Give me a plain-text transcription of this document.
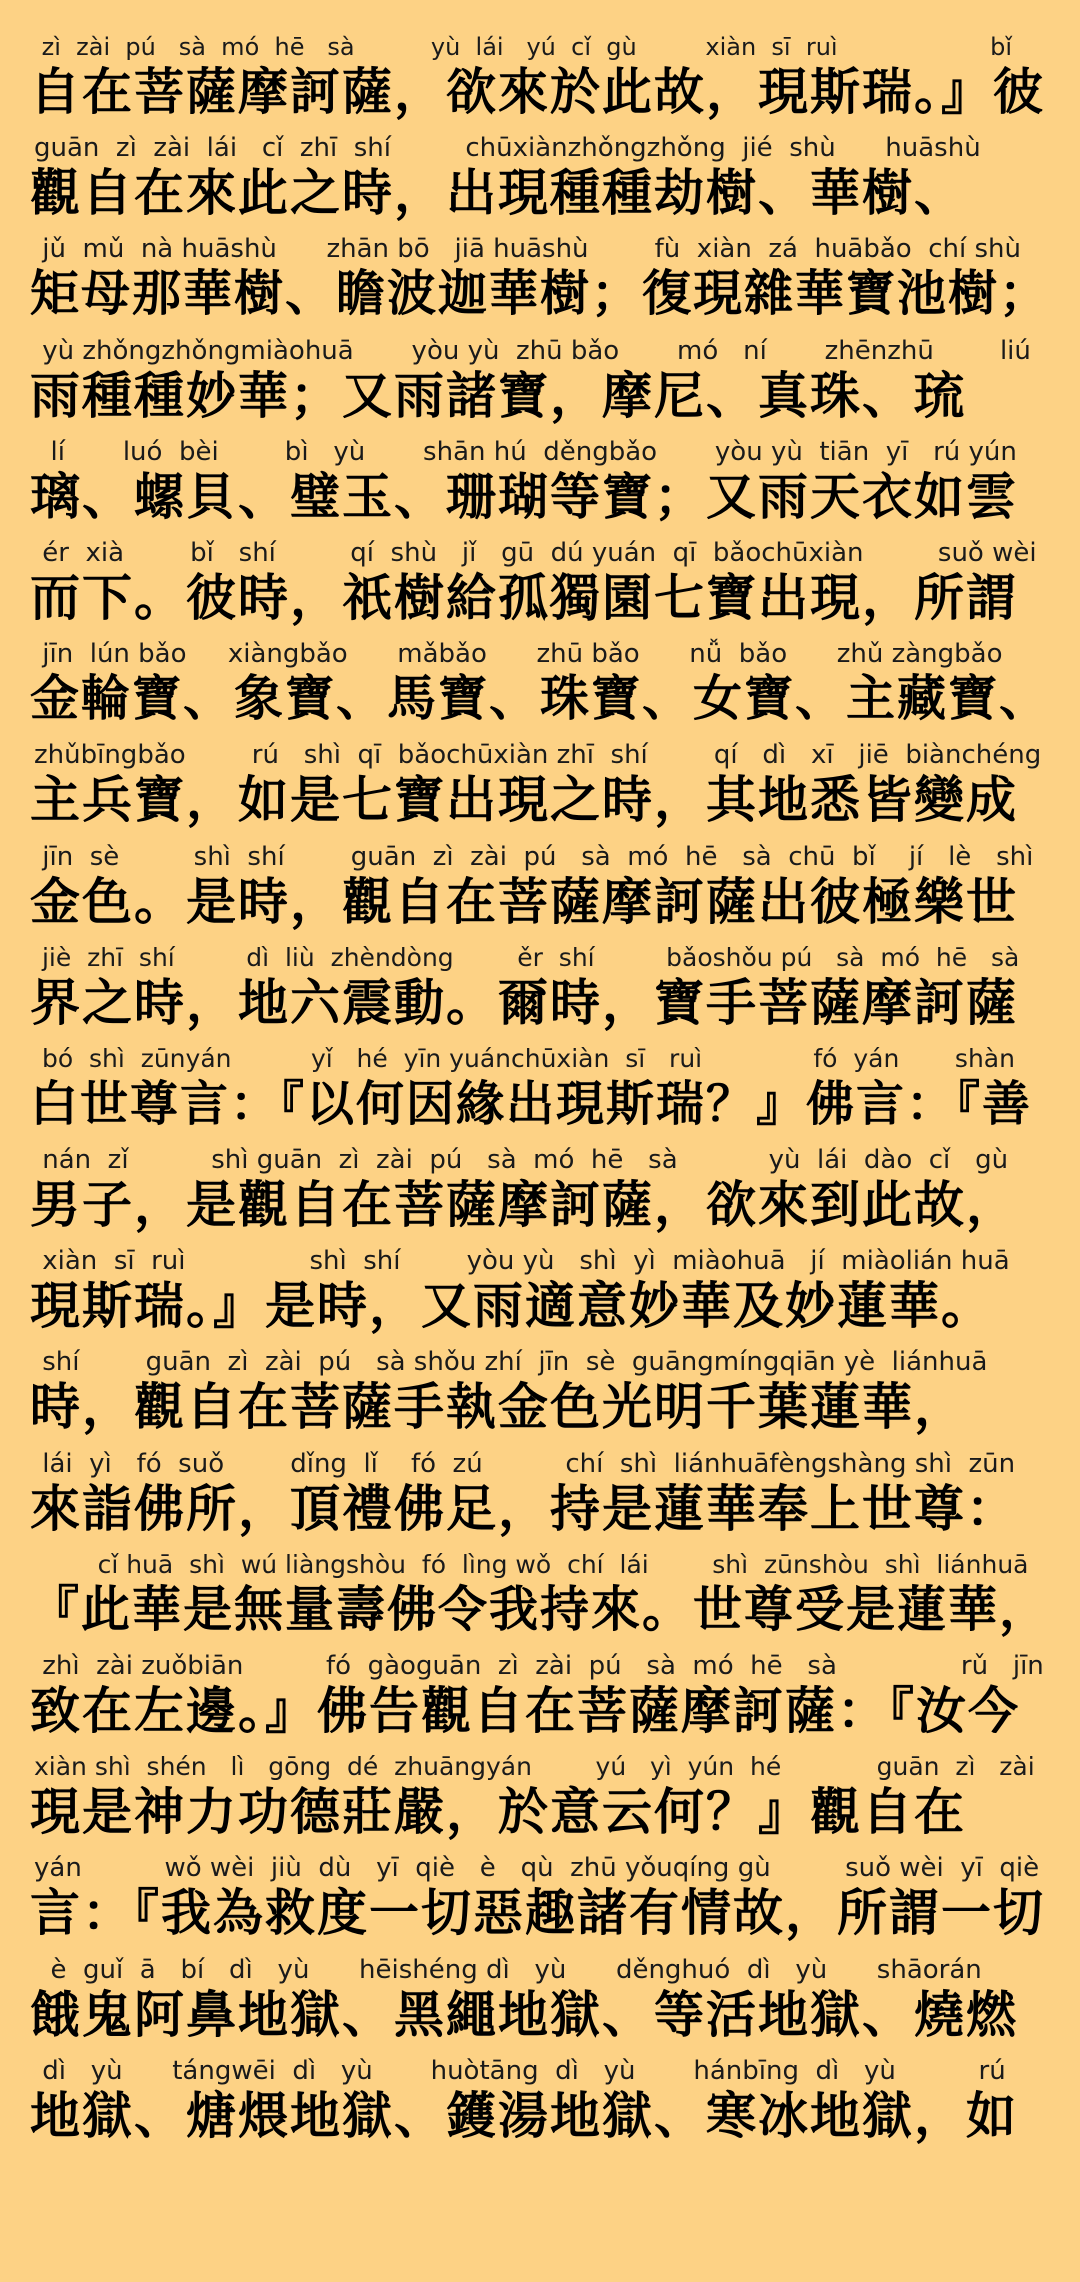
zì  zài  pú   sà  mó  hē   sà          yù  lái   yú  cǐ  gù         xiàn  sī  ruì                    bǐ
自在菩薩摩訶薩，欲來於此故，現斯瑞。』彼
guān  zì  zài  lái   cǐ  zhī  shí         chūxiànzhǒngzhǒng  jié  shù      huāshù
觀自在來此之時，出現種種劫樹、華樹、
jǔ  mǔ  nà huāshù      zhān bō   jiā huāshù        fù  xiàn  zá  huābǎo  chí shù
矩母那華樹、瞻波迦華樹；復現雜華寶池樹；
yù zhǒngzhǒngmiàohuā       yòu yù  zhū bǎo       mó   ní       zhēnzhū        liú
雨種種妙華；又雨諸寶，摩尼、真珠、琉
lí       luó  bèi        bì   yù       shān hú  děngbǎo       yòu yù  tiān  yī   rú yún
璃、螺貝、璧玉、珊瑚等寶；又雨天衣如雲
ér  xià        bǐ   shí         qí  shù   jǐ   gū  dú yuán  qī  bǎochūxiàn         suǒ wèi
而下。彼時，祇樹給孤獨園七寶出現，所謂
jīn  lún bǎo     xiàngbǎo      mǎbǎo      zhū bǎo      nǚ  bǎo      zhǔ zàngbǎo
金輪寶、象寶、馬寶、珠寶、女寶、主藏寶、
zhǔbīngbǎo        rú   shì  qī  bǎochūxiàn zhī  shí        qí   dì   xī   jiē  biànchéng
主兵寶，如是七寶出現之時，其地悉皆變成
jīn  sè         shì  shí        guān  zì  zài  pú   sà  mó  hē   sà  chū  bǐ    jí   lè   shì
金色。是時，觀自在菩薩摩訶薩出彼極樂世
jiè  zhī  shí         dì  liù  zhèndòng        ěr  shí         bǎoshǒu pú   sà  mó  hē   sà
界之時，地六震動。爾時，寶手菩薩摩訶薩
bó  shì  zūnyán          yǐ   hé  yīn yuánchūxiàn  sī   ruì              fó  yán       shàn
白世尊言：『以何因緣出現斯瑞？』佛言：『善
nán  zǐ          shì guān  zì  zài  pú   sà  mó  hē   sà           yù  lái  dào  cǐ   gù
男子，是觀自在菩薩摩訶薩，欲來到此故，
xiàn  sī  ruì               shì  shí        yòu yù   shì  yì  miàohuā   jí  miàolián huā
現斯瑞。』是時，又雨適意妙華及妙蓮華。
shí        guān  zì  zài  pú   sà shǒu zhí  jīn  sè  guāngmíngqiān yè  liánhuā
時，觀自在菩薩手執金色光明千葉蓮華，
lái  yì   fó  suǒ        dǐng  lǐ    fó  zú          chí  shì  liánhuāfèngshàng shì  zūn
來詣佛所，頂禮佛足，持是蓮華奉上世尊：
cǐ huā  shì  wú liàngshòu  fó  lìng wǒ  chí  lái        shì  zūnshòu  shì  liánhuā
『此華是無量壽佛令我持來。世尊受是蓮華，
zhì  zài zuǒbiān          fó  gàoguān  zì  zài  pú   sà  mó  hē   sà               rǔ   jīn
致在左邊。』佛告觀自在菩薩摩訶薩：『汝今
xiàn shì  shén   lì   gōng  dé  zhuāngyán        yú   yì  yún  hé            guān  zì   zài
現是神力功德莊嚴，於意云何？』觀自在
yán          wǒ wèi  jiù  dù   yī  qiè   è   qù  zhū yǒuqíng gù         suǒ wèi  yī  qiè
言：『我為救度一切惡趣諸有情故，所謂一切
è  guǐ  ā   bí   dì   yù      hēishéng dì   yù      děnghuó  dì   yù      shāorán
餓鬼阿鼻地獄、黑繩地獄、等活地獄、燒燃
dì   yù      tángwēi  dì   yù       huòtāng  dì   yù       hánbīng  dì   yù          rú
地獄、煻煨地獄、鑊湯地獄、寒冰地獄，如
